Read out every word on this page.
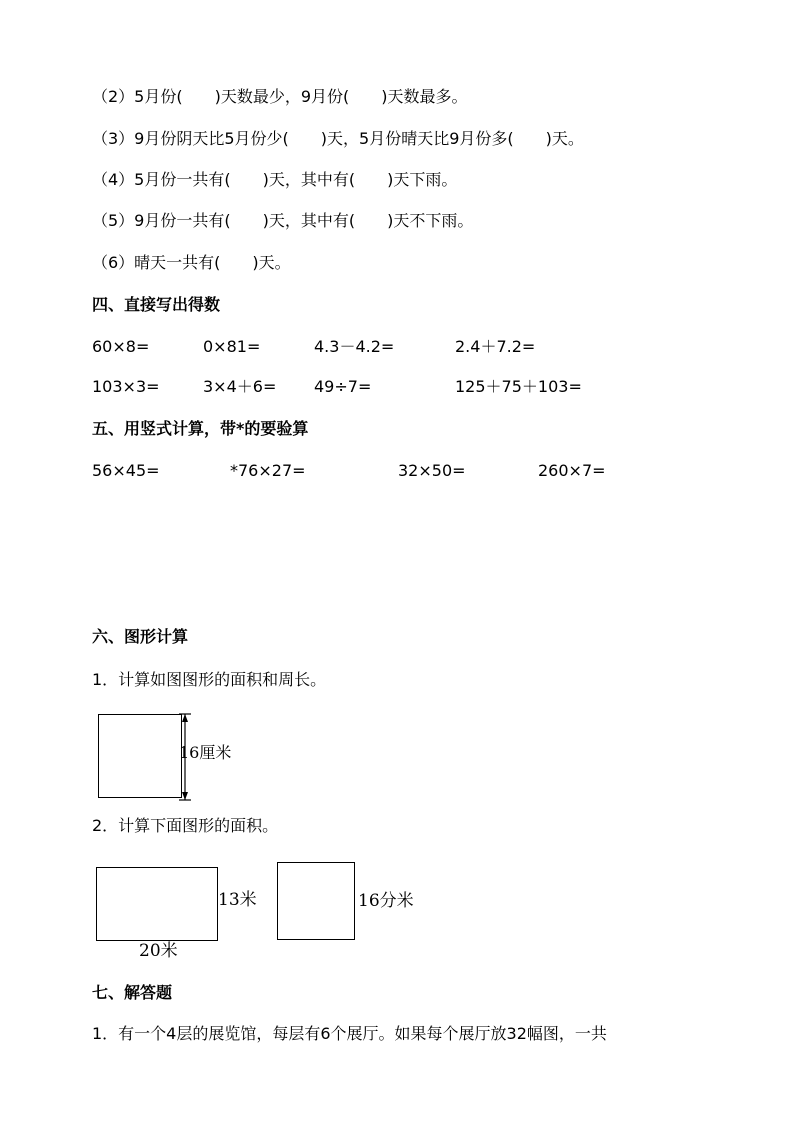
（2）5月份(　　)天数最少，9月份(　　)天数最多。
（3）9月份阴天比5月份少(　　)天，5月份晴天比9月份多(　　)天。
（4）5月份一共有(　　)天，其中有(　　)天下雨。
（5）9月份一共有(　　)天，其中有(　　)天不下雨。
（6）晴天一共有(　　)天。
四、直接写出得数
60×8=	0×81=	4.3－4.2=	2.4＋7.2=
103×3=	3×4＋6= 49÷7=	125＋75＋103=
五、用竖式计算，带*的要验算
56×45=	*76×27=	32×50=	260×7=
六、图形计算
1．计算如图图形的面积和周长。
16厘米
2．计算下面图形的面积。
13米
20米
16分米
七、解答题
1．有一个4层的展览馆，每层有6个展厅。如果每个展厅放32幅图，一共
